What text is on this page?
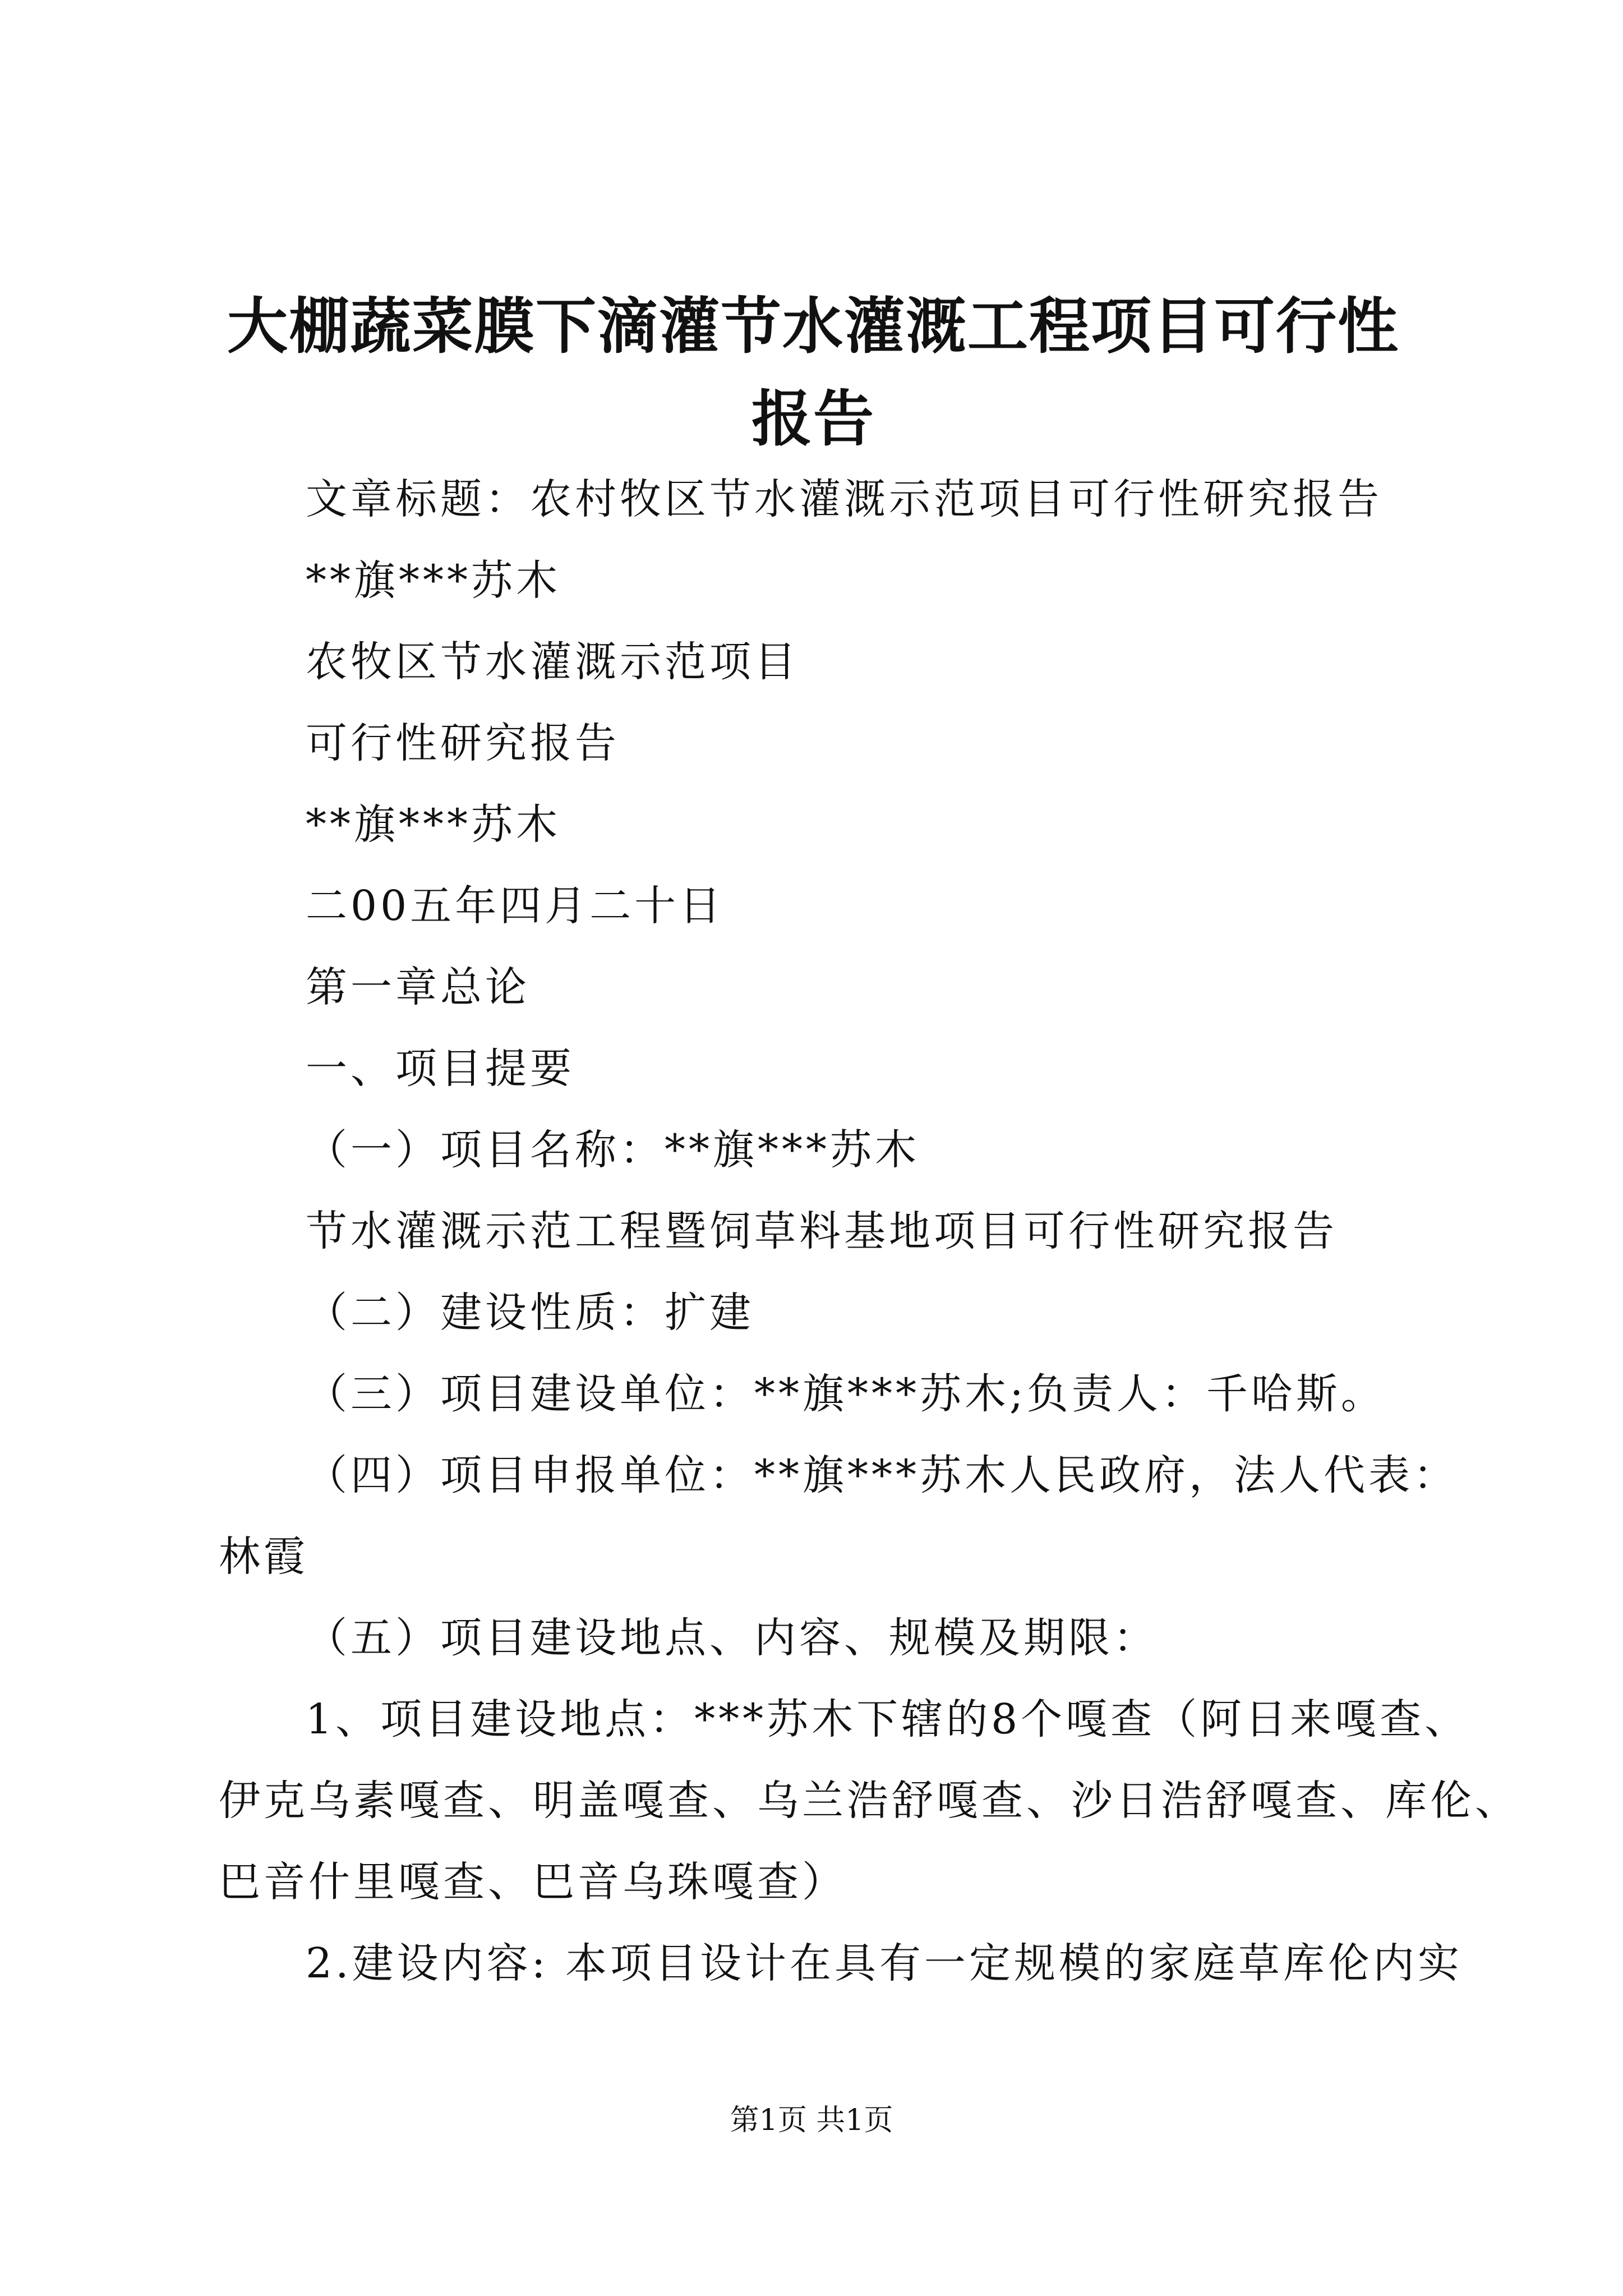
大棚蔬菜膜下滴灌节水灌溉工程项目可行性报告

文章标题：农村牧区节水灌溉示范项目可行性研究报告

**旗***苏木

农牧区节水灌溉示范项目

可行性研究报告

**旗***苏木

二00五年四月二十日

第一章总论

一、项目提要

（一）项目名称：**旗***苏木

节水灌溉示范工程暨饲草料基地项目可行性研究报告

（二）建设性质：扩建

（三）项目建设单位：**旗***苏木;负责人：千哈斯。

（四）项目申报单位：**旗***苏木人民政府，法人代表：

林霞

（五）项目建设地点、内容、规模及期限：

1、项目建设地点：***苏木下辖的8个嘎查（阿日来嘎查、

伊克乌素嘎查、明盖嘎查、乌兰浩舒嘎查、沙日浩舒嘎查、库伦、

巴音什里嘎查、巴音乌珠嘎查）

2.建设内容: 本项目设计在具有一定规模的家庭草库伦内实

第1页 共1页
